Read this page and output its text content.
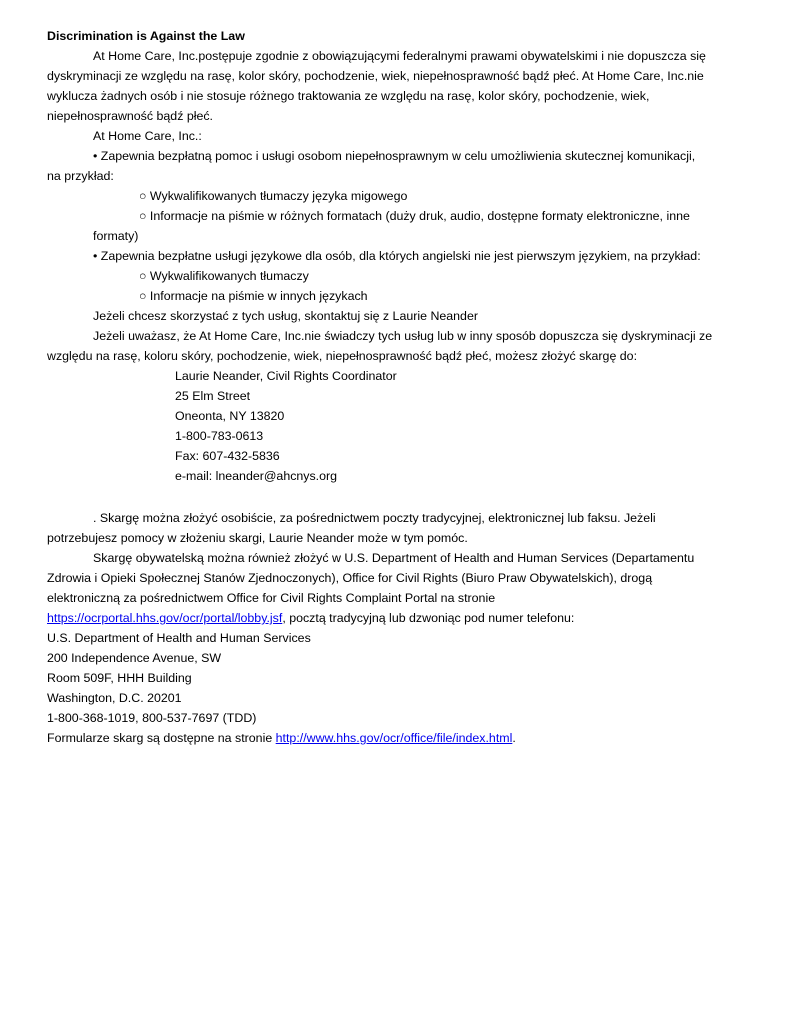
Discrimination is Against the Law
At Home Care, Inc.postępuje zgodnie z obowiązującymi federalnymi prawami obywatelskimi i nie dopuszcza się
dyskryminacji ze względu na rasę, kolor skóry, pochodzenie, wiek, niepełnosprawność bądź płeć. At Home Care, Inc.nie
wyklucza żadnych osób i nie stosuje różnego traktowania ze względu na rasę, kolor skóry, pochodzenie, wiek,
niepełnosprawność bądź płeć.
At Home Care, Inc.:
• Zapewnia bezpłatną pomoc i usługi osobom niepełnosprawnym w celu umożliwienia skutecznej komunikacji,
na przykład:
○ Wykwalifikowanych tłumaczy języka migowego
○ Informacje na piśmie w różnych formatach (duży druk, audio, dostępne formaty elektroniczne, inne
formaty)
• Zapewnia bezpłatne usługi językowe dla osób, dla których angielski nie jest pierwszym językiem, na przykład:
○ Wykwalifikowanych tłumaczy
○ Informacje na piśmie w innych językach
Jeżeli chcesz skorzystać z tych usług, skontaktuj się z Laurie Neander
Jeżeli uważasz, że At Home Care, Inc.nie świadczy tych usług lub w inny sposób dopuszcza się dyskryminacji ze
względu na rasę, koloru skóry, pochodzenie, wiek, niepełnosprawność bądź płeć, możesz złożyć skargę do:
Laurie Neander, Civil Rights Coordinator
25 Elm Street
Oneonta, NY 13820
1-800-783-0613
Fax: 607-432-5836
e-mail: lneander@ahcnys.org
. Skargę można złożyć osobiście, za pośrednictwem poczty tradycyjnej, elektronicznej lub faksu. Jeżeli
potrzebujesz pomocy w złożeniu skargi, Laurie Neander może w tym pomóc.
Skargę obywatelską można również złożyć w U.S. Department of Health and Human Services (Departamentu
Zdrowia i Opieki Społecznej Stanów Zjednoczonych), Office for Civil Rights (Biuro Praw Obywatelskich), drogą
elektroniczną za pośrednictwem Office for Civil Rights Complaint Portal na stronie
https://ocrportal.hhs.gov/ocr/portal/lobby.jsf, pocztą tradycyjną lub dzwoniąc pod numer telefonu:
U.S. Department of Health and Human Services
200 Independence Avenue, SW
Room 509F, HHH Building
Washington, D.C. 20201
1-800-368-1019, 800-537-7697 (TDD)
Formularze skarg są dostępne na stronie http://www.hhs.gov/ocr/office/file/index.html.
